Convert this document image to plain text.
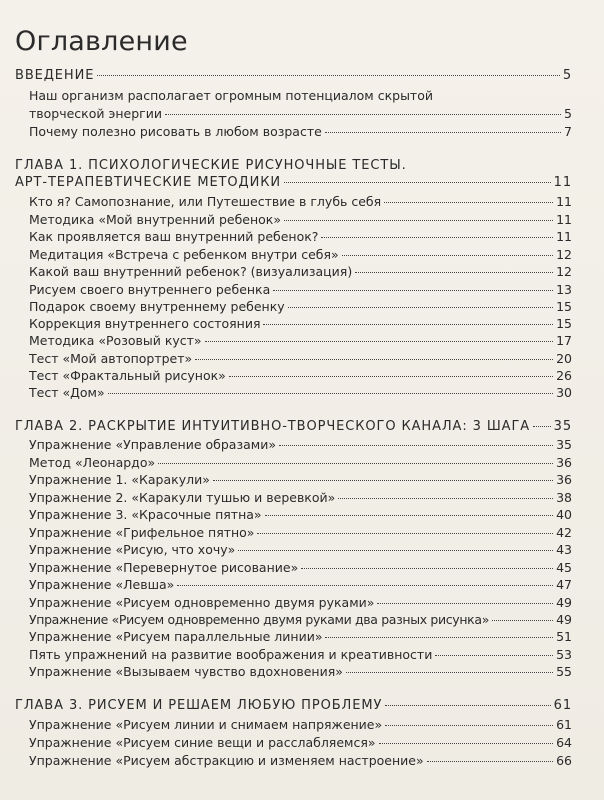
Оглавление
ВВЕДЕНИЕ	5
Наш организм располагает огромным потенциалом скрытой
творческой энергии	5
Почему полезно рисовать в любом возрасте	7
ГЛАВА 1. ПСИХОЛОГИЧЕСКИЕ РИСУНОЧНЫЕ ТЕСТЫ.
АРТ-ТЕРАПЕВТИЧЕСКИЕ МЕТОДИКИ	11
Кто я? Самопознание, или Путешествие в глубь себя	11
Методика «Мой внутренний ребенок»	11
Как проявляется ваш внутренний ребенок?	11
Медитация «Встреча с ребенком внутри себя»	12
Какой ваш внутренний ребенок? (визуализация)	12
Рисуем своего внутреннего ребенка	13
Подарок своему внутреннему ребенку	15
Коррекция внутреннего состояния	15
Методика «Розовый куст»	17
Тест «Мой автопортрет»	20
Тест «Фрактальный рисунок»	26
Тест «Дом»	30
ГЛАВА 2. РАСКРЫТИЕ ИНТУИТИВНО-ТВОРЧЕСКОГО КАНАЛА: 3 ШАГА 35
Упражнение «Управление образами»	35
Метод «Леонардо»	36
Упражнение 1. «Каракули»	36
Упражнение 2. «Каракули тушью и веревкой»	38
Упражнение 3. «Красочные пятна»	40
Упражнение «Грифельное пятно»	42
Упражнение «Рисую, что хочу»	43
Упражнение «Перевернутое рисование»	45
Упражнение «Левша»	47
Упражнение «Рисуем одновременно двумя руками»	49
Упражнение «Рисуем одновременно двумя руками два разных рисунка»	49
Упражнение «Рисуем параллельные линии»	51
Пять упражнений на развитие воображения и креативности	53
Упражнение «Вызываем чувство вдохновения»	55
ГЛАВА 3. РИСУЕМ И РЕШАЕМ ЛЮБУЮ ПРОБЛЕМУ	61
Упражнение «Рисуем линии и снимаем напряжение»	61
Упражнение «Рисуем синие вещи и расслабляемся»	64
Упражнение «Рисуем абстракцию и изменяем настроение»	66
